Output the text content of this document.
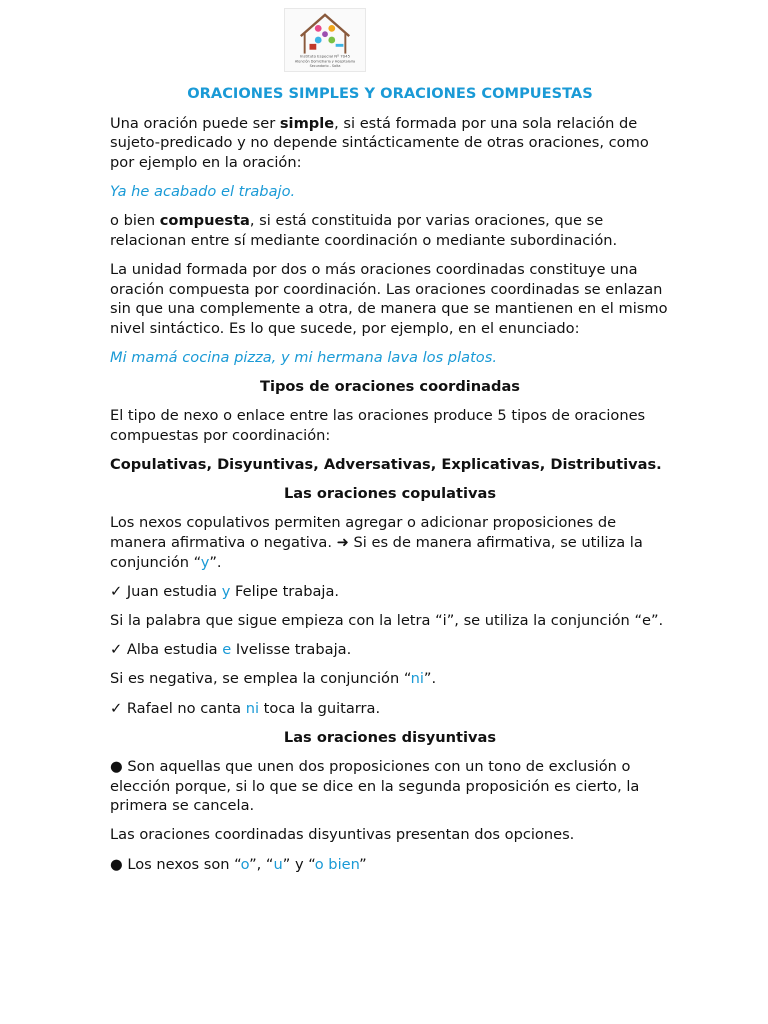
Instituto Especial Nº 7045
Atención Domiciliaria y Hospitalaria
Secundario - Salta
ORACIONES SIMPLES Y ORACIONES COMPUESTAS

Una oración puede ser simple, si está formada por una sola relación de sujeto-predicado y no depende sintácticamente de otras oraciones, como por ejemplo en la oración:

Ya he acabado el trabajo.

o bien compuesta, si está constituida por varias oraciones, que se relacionan entre sí mediante coordinación o mediante subordinación.

La unidad formada por dos o más oraciones coordinadas constituye una oración compuesta por coordinación. Las oraciones coordinadas se enlazan sin que una complemente a otra, de manera que se mantienen en el mismo nivel sintáctico. Es lo que sucede, por ejemplo, en el enunciado:

Mi mamá cocina pizza, y mi hermana lava los platos.

Tipos de oraciones coordinadas

El tipo de nexo o enlace entre las oraciones produce 5 tipos de oraciones compuestas por coordinación:

Copulativas, Disyuntivas, Adversativas, Explicativas, Distributivas.

Las oraciones copulativas

Los nexos copulativos permiten agregar o adicionar proposiciones de manera afirmativa o negativa. ➜ Si es de manera afirmativa, se utiliza la conjunción “y”.

✓ Juan estudia y Felipe trabaja.

Si la palabra que sigue empieza con la letra “i”, se utiliza la conjunción “e”.

✓ Alba estudia e Ivelisse trabaja.

Si es negativa, se emplea la conjunción “ni”.

✓ Rafael no canta ni toca la guitarra.

Las oraciones disyuntivas

● Son aquellas que unen dos proposiciones con un tono de exclusión o elección porque, si lo que se dice en la segunda proposición es cierto, la primera se cancela.

Las oraciones coordinadas disyuntivas presentan dos opciones.

● Los nexos son “o”, “u” y “o bien”
